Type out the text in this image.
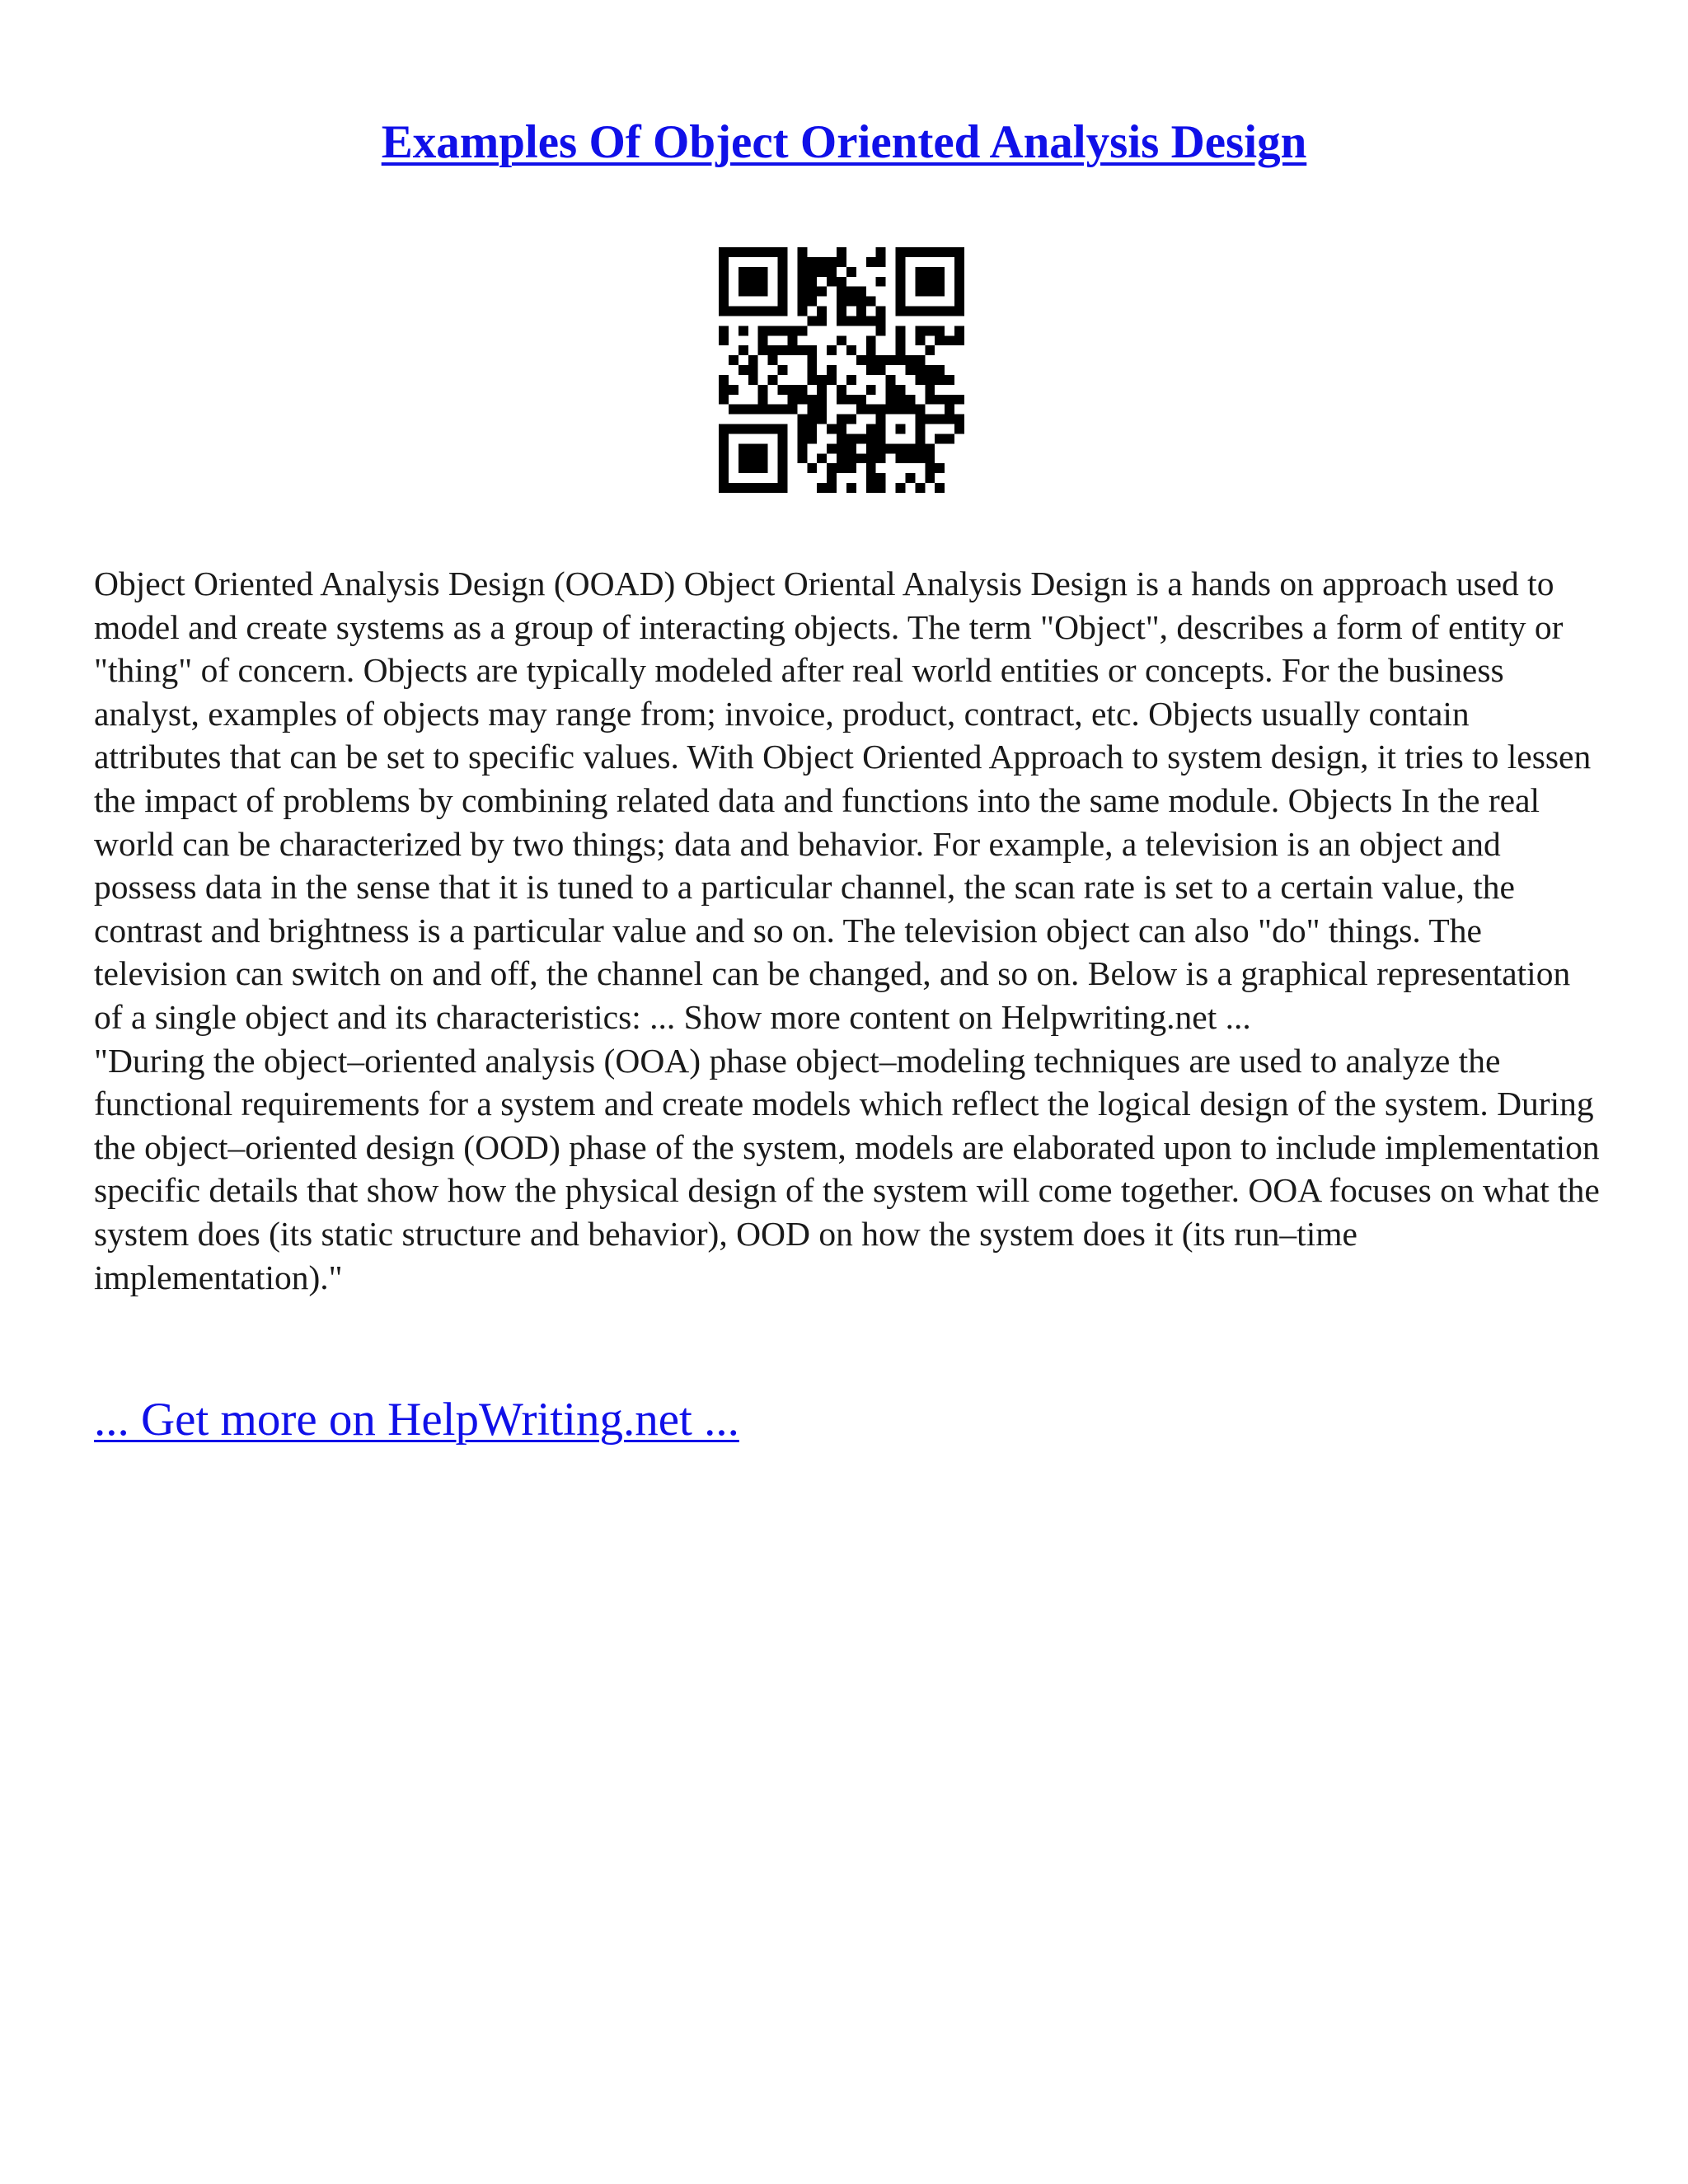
Examples Of Object Oriented Analysis Design

Object Oriented Analysis Design (OOAD) Object Oriental Analysis Design is a hands on approach used to model and create systems as a group of interacting objects. The term "Object", describes a form of entity or "thing" of concern. Objects are typically modeled after real world entities or concepts. For the business analyst, examples of objects may range from; invoice, product, contract, etc. Objects usually contain attributes that can be set to specific values. With Object Oriented Approach to system design, it tries to lessen the impact of problems by combining related data and functions into the same module. Objects In the real world can be characterized by two things; data and behavior. For example, a television is an object and possess data in the sense that it is tuned to a particular channel, the scan rate is set to a certain value, the contrast and brightness is a particular value and so on. The television object can also "do" things. The television can switch on and off, the channel can be changed, and so on. Below is a graphical representation of a single object and its characteristics: ... Show more content on Helpwriting.net ...

"During the object–oriented analysis (OOA) phase object–modeling techniques are used to analyze the functional requirements for a system and create models which reflect the logical design of the system. During the object–oriented design (OOD) phase of the system, models are elaborated upon to include implementation specific details that show how the physical design of the system will come together. OOA focuses on what the system does (its static structure and behavior), OOD on how the system does it (its run–time implementation)."

... Get more on HelpWriting.net ...
